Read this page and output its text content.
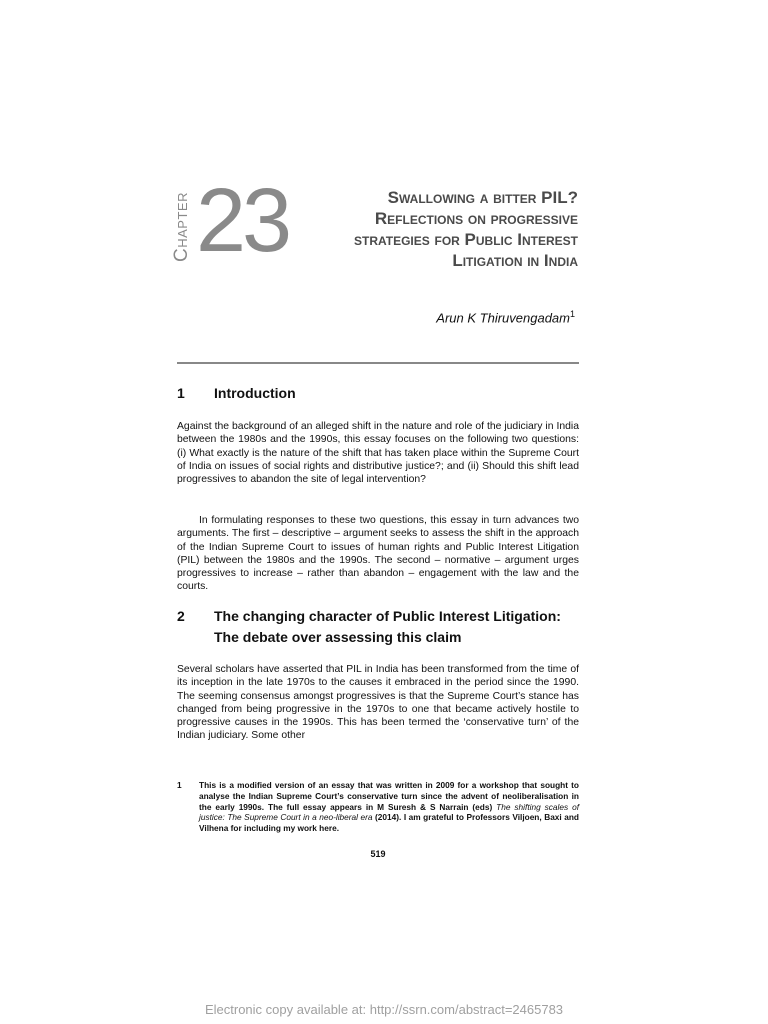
Chapter 23	Swallowing a bitter PIL?
Reflections on progressive
strategies for Public Interest
Litigation in India
Arun K Thiruvengadam$^1$
1 Introduction
Against the background of an alleged shift in the nature and role of the judiciary in India between the 1980s and the 1990s, this essay focuses on the following two questions: (i) What exactly is the nature of the shift that has taken place within the Supreme Court of India on issues of social rights and distributive justice?; and (ii) Should this shift lead progressives to abandon the site of legal intervention?
In formulating responses to these two questions, this essay in turn advances two arguments. The first – descriptive – argument seeks to assess the shift in the approach of the Indian Supreme Court to issues of human rights and Public Interest Litigation (PIL) between the 1980s and the 1990s. The second – normative – argument urges progressives to increase – rather than abandon – engagement with the law and the courts.
2 The changing character of Public Interest Litigation:
The debate over assessing this claim
Several scholars have asserted that PIL in India has been transformed from the time of its inception in the late 1970s to the causes it embraced in the period since the 1990. The seeming consensus amongst progressives is that the Supreme Court’s stance has changed from being progressive in the 1970s to one that became actively hostile to progressive causes in the 1990s. This has been termed the ‘conservative turn’ of the Indian judiciary. Some other
1 This is a modified version of an essay that was written in 2009 for a workshop that sought to analyse the Indian Supreme Court’s conservative turn since the advent of neoliberalisation in the early 1990s. The full essay appears in M Suresh & S Narrain (eds) The shifting scales of justice: The Supreme Court in a neo-liberal era (2014). I am grateful to Professors Viljoen, Baxi and Vilhena for including my work here.
519
Electronic copy available at: http://ssrn.com/abstract=2465783
